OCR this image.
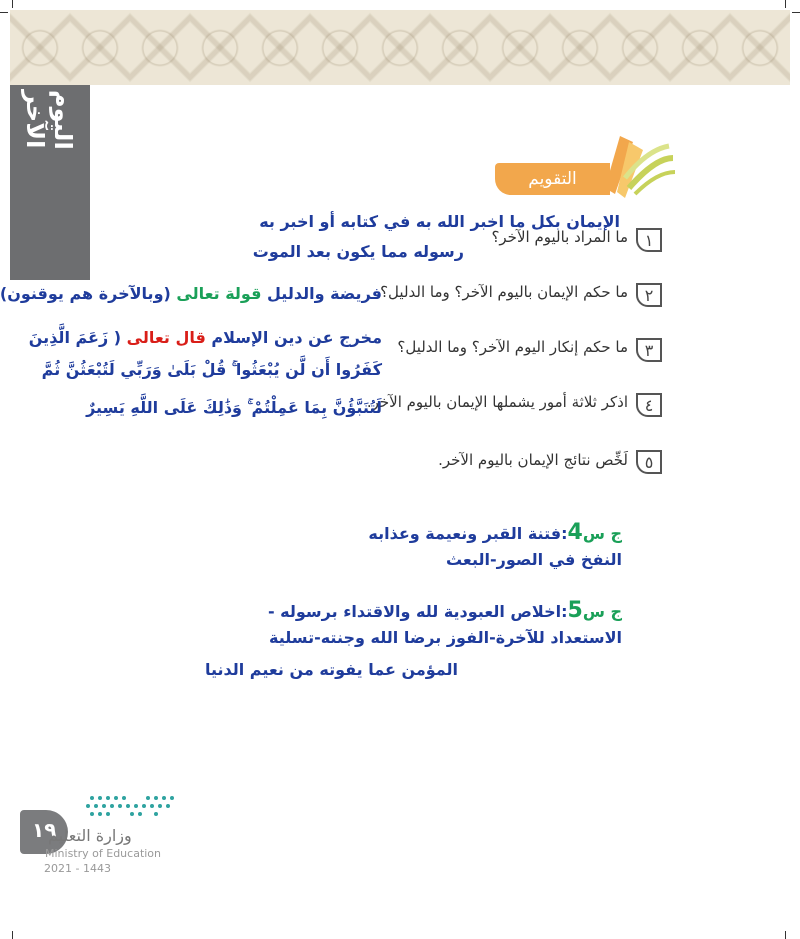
اليوم الآخر
التقويم
١
ما المراد باليوم الآخر؟
الإيمان بكل ما اخبر الله به في كتابه أو اخبر به
رسوله مما يكون بعد الموت
٢
ما حكم الإيمان باليوم الآخر؟ وما الدليل؟
فريضة والدليل قولة تعالى (وبالآخرة هم يوقنون)
٣
ما حكم إنكار اليوم الآخر؟ وما الدليل؟
مخرج عن دين الإسلام قال تعالى ( زَعَمَ الَّذِينَ
كَفَرُوا أَن لَّن يُبْعَثُوا ۚ قُلْ بَلَىٰ وَرَبِّي لَتُبْعَثُنَّ ثُمَّ
٤
اذكر ثلاثة أمور يشملها الإيمان باليوم الآخر.
لَتُنَبَّؤُنَّ بِمَا عَمِلْتُمْ ۚ وَذَٰلِكَ عَلَى اللَّهِ يَسِيرٌ
٥
لَخِّص نتائج الإيمان باليوم الآخر.
ج س4:فتنة القبر ونعيمة وعذابه
النفخ في الصور-البعث
ج س5:اخلاص العبودية لله والاقتداء برسوله -
الاستعداد للآخرة-الفوز برضا الله وجنته-تسلية
المؤمن عما يفوته من نعيم الدنيا
١٩
وزارة التعليم
Ministry of Education
2021 - 1443
